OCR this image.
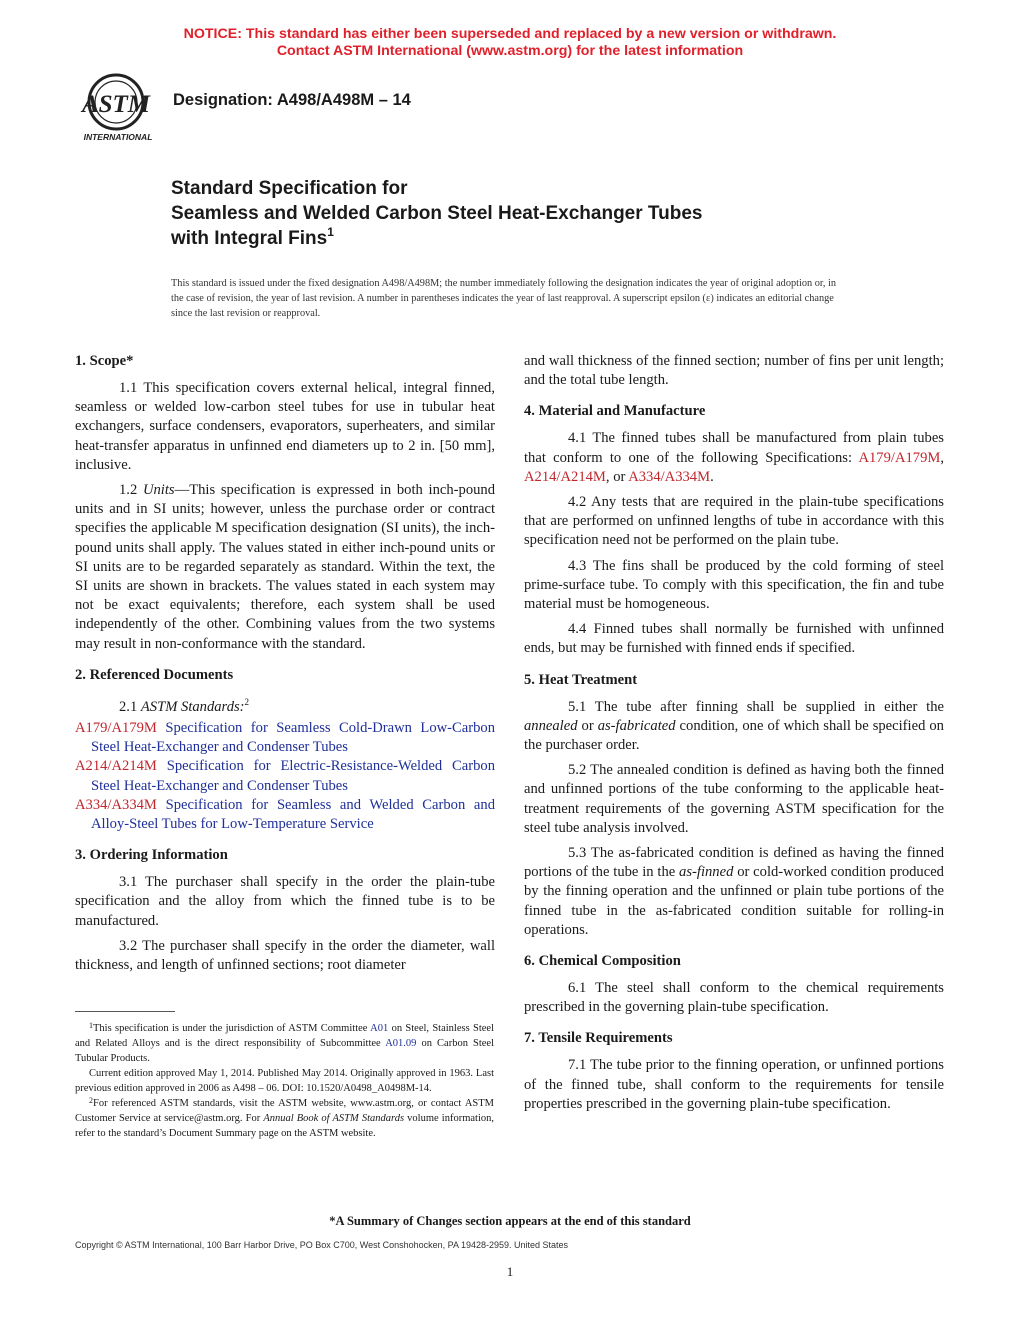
NOTICE: This standard has either been superseded and replaced by a new version or withdrawn.
Contact ASTM International (www.astm.org) for the latest information
ASTM
INTERNATIONAL
Designation: A498/A498M – 14
Standard Specification for
Seamless and Welded Carbon Steel Heat-Exchanger Tubes
with Integral Fins$^1$
This standard is issued under the fixed designation A498/A498M; the number immediately following the designation indicates the year of original adoption or, in the case of revision, the year of last revision. A number in parentheses indicates the year of last reapproval. A superscript epsilon (ε) indicates an editorial change since the last revision or reapproval.
1. Scope*

1.1 This specification covers external helical, integral finned, seamless or welded low-carbon steel tubes for use in tubular heat exchangers, surface condensers, evaporators, superheaters, and similar heat-transfer apparatus in unfinned end diameters up to 2 in. [50 mm], inclusive.

1.2 Units—This specification is expressed in both inch-pound units and in SI units; however, unless the purchase order or contract specifies the applicable M specification designation (SI units), the inch-pound units shall apply. The values stated in either inch-pound units or SI units are to be regarded separately as standard. Within the text, the SI units are shown in brackets. The values stated in each system may not be exact equivalents; therefore, each system shall be used independently of the other. Combining values from the two systems may result in non-conformance with the standard.

2. Referenced Documents

2.1 ASTM Standards:$^2$

A179/A179M Specification for Seamless Cold-Drawn Low-Carbon Steel Heat-Exchanger and Condenser Tubes
A214/A214M Specification for Electric-Resistance-Welded Carbon Steel Heat-Exchanger and Condenser Tubes
A334/A334M Specification for Seamless and Welded Carbon and Alloy-Steel Tubes for Low-Temperature Service
3. Ordering Information

3.1 The purchaser shall specify in the order the plain-tube specification and the alloy from which the finned tube is to be manufactured.

3.2 The purchaser shall specify in the order the diameter, wall thickness, and length of unfinned sections; root diameter

and wall thickness of the finned section; number of fins per unit length; and the total tube length.

4. Material and Manufacture

4.1 The finned tubes shall be manufactured from plain tubes that conform to one of the following Specifications: A179/A179M, A214/A214M, or A334/A334M.

4.2 Any tests that are required in the plain-tube specifications that are performed on unfinned lengths of tube in accordance with this specification need not be performed on the plain tube.

4.3 The fins shall be produced by the cold forming of steel prime-surface tube. To comply with this specification, the fin and tube material must be homogeneous.

4.4 Finned tubes shall normally be furnished with unfinned ends, but may be furnished with finned ends if specified.

5. Heat Treatment

5.1 The tube after finning shall be supplied in either the annealed or as-fabricated condition, one of which shall be specified on the purchaser order.

5.2 The annealed condition is defined as having both the finned and unfinned portions of the tube conforming to the applicable heat-treatment requirements of the governing ASTM specification for the steel tube analysis involved.

5.3 The as-fabricated condition is defined as having the finned portions of the tube in the as-finned or cold-worked condition produced by the finning operation and the unfinned or plain tube portions of the finned tube in the as-fabricated condition suitable for rolling-in operations.

6. Chemical Composition

6.1 The steel shall conform to the chemical requirements prescribed in the governing plain-tube specification.

7. Tensile Requirements

7.1 The tube prior to the finning operation, or unfinned portions of the finned tube, shall conform to the requirements for tensile properties prescribed in the governing plain-tube specification.

$^1$This specification is under the jurisdiction of ASTM Committee A01 on Steel, Stainless Steel and Related Alloys and is the direct responsibility of Subcommittee A01.09 on Carbon Steel Tubular Products.

Current edition approved May 1, 2014. Published May 2014. Originally approved in 1963. Last previous edition approved in 2006 as A498 – 06. DOI: 10.1520/A0498_A0498M-14.

$^2$For referenced ASTM standards, visit the ASTM website, www.astm.org, or contact ASTM Customer Service at service@astm.org. For Annual Book of ASTM Standards volume information, refer to the standard’s Document Summary page on the ASTM website.

*A Summary of Changes section appears at the end of this standard
Copyright © ASTM International, 100 Barr Harbor Drive, PO Box C700, West Conshohocken, PA 19428-2959. United States
1
